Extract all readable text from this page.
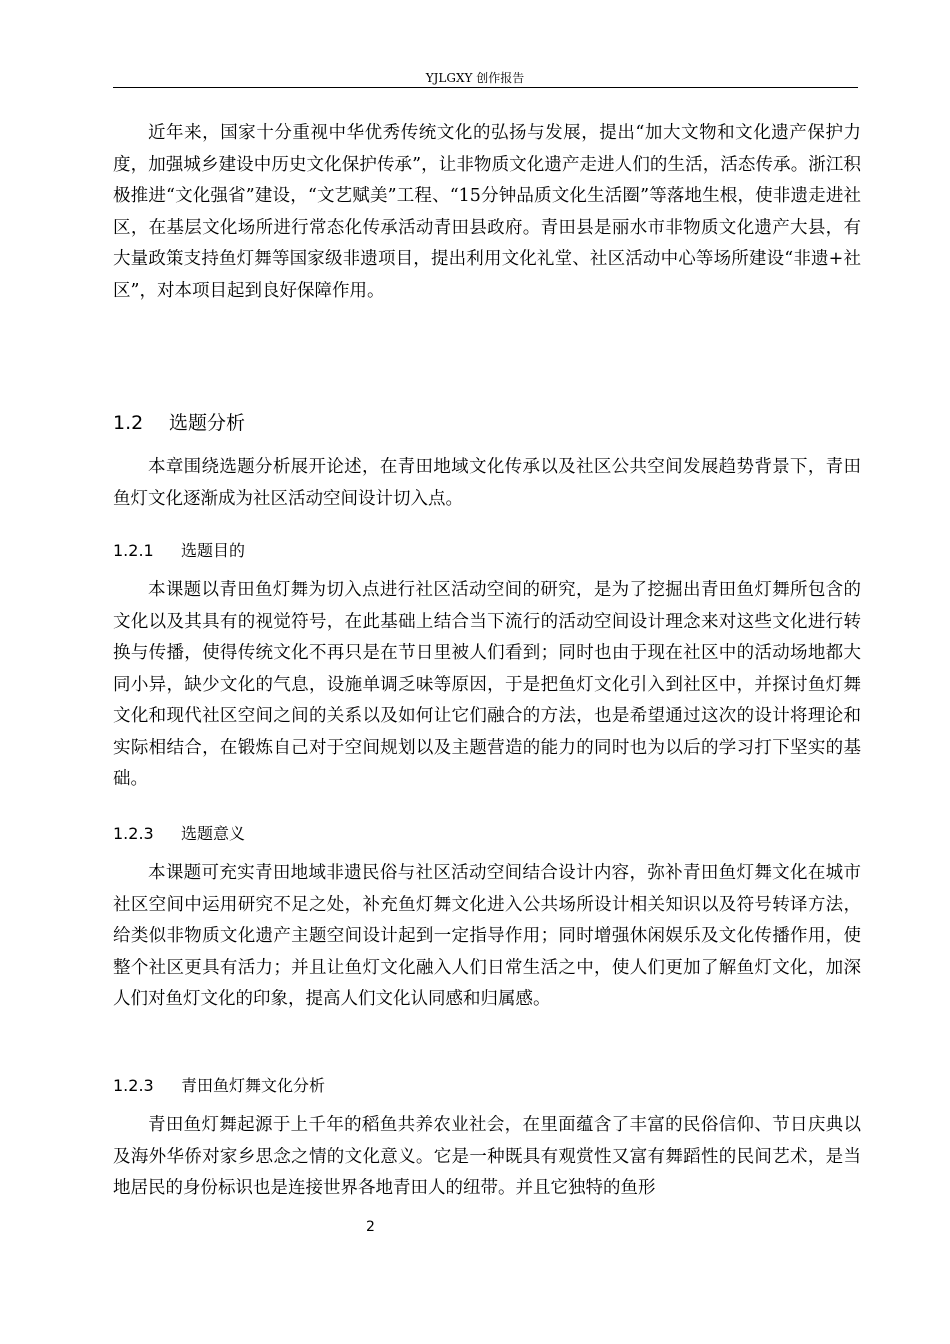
YJLGXY 创作报告

近年来，国家十分重视中华优秀传统文化的弘扬与发展，提出“加大文物和文化遗产保护力度，加强城乡建设中历史文化保护传承”，让非物质文化遗产走进人们的生活，活态传承。浙江积极推进“文化强省”建设，“文艺赋美”工程、“15分钟品质文化生活圈”等落地生根，使非遗走进社区，在基层文化场所进行常态化传承活动青田县政府。青田县是丽水市非物质文化遗产大县，有大量政策支持鱼灯舞等国家级非遗项目，提出利用文化礼堂、社区活动中心等场所建设“非遗+社区”，对本项目起到良好保障作用。

1.2 选题分析

本章围绕选题分析展开论述，在青田地域文化传承以及社区公共空间发展趋势背景下，青田鱼灯文化逐渐成为社区活动空间设计切入点。

1.2.1 选题目的

本课题以青田鱼灯舞为切入点进行社区活动空间的研究，是为了挖掘出青田鱼灯舞所包含的文化以及其具有的视觉符号，在此基础上结合当下流行的活动空间设计理念来对这些文化进行转换与传播，使得传统文化不再只是在节日里被人们看到；同时也由于现在社区中的活动场地都大同小异，缺少文化的气息，设施单调乏味等原因，于是把鱼灯文化引入到社区中，并探讨鱼灯舞文化和现代社区空间之间的关系以及如何让它们融合的方法，也是希望通过这次的设计将理论和实际相结合，在锻炼自己对于空间规划以及主题营造的能力的同时也为以后的学习打下坚实的基础。

1.2.3 选题意义

本课题可充实青田地域非遗民俗与社区活动空间结合设计内容，弥补青田鱼灯舞文化在城市社区空间中运用研究不足之处，补充鱼灯舞文化进入公共场所设计相关知识以及符号转译方法，给类似非物质文化遗产主题空间设计起到一定指导作用；同时增强休闲娱乐及文化传播作用，使整个社区更具有活力；并且让鱼灯文化融入人们日常生活之中，使人们更加了解鱼灯文化，加深人们对鱼灯文化的印象，提高人们文化认同感和归属感。

1.2.3 青田鱼灯舞文化分析

青田鱼灯舞起源于上千年的稻鱼共养农业社会，在里面蕴含了丰富的民俗信仰、节日庆典以及海外华侨对家乡思念之情的文化意义。它是一种既具有观赏性又富有舞蹈性的民间艺术，是当地居民的身份标识也是连接世界各地青田人的纽带。并且它独特的鱼形

2
